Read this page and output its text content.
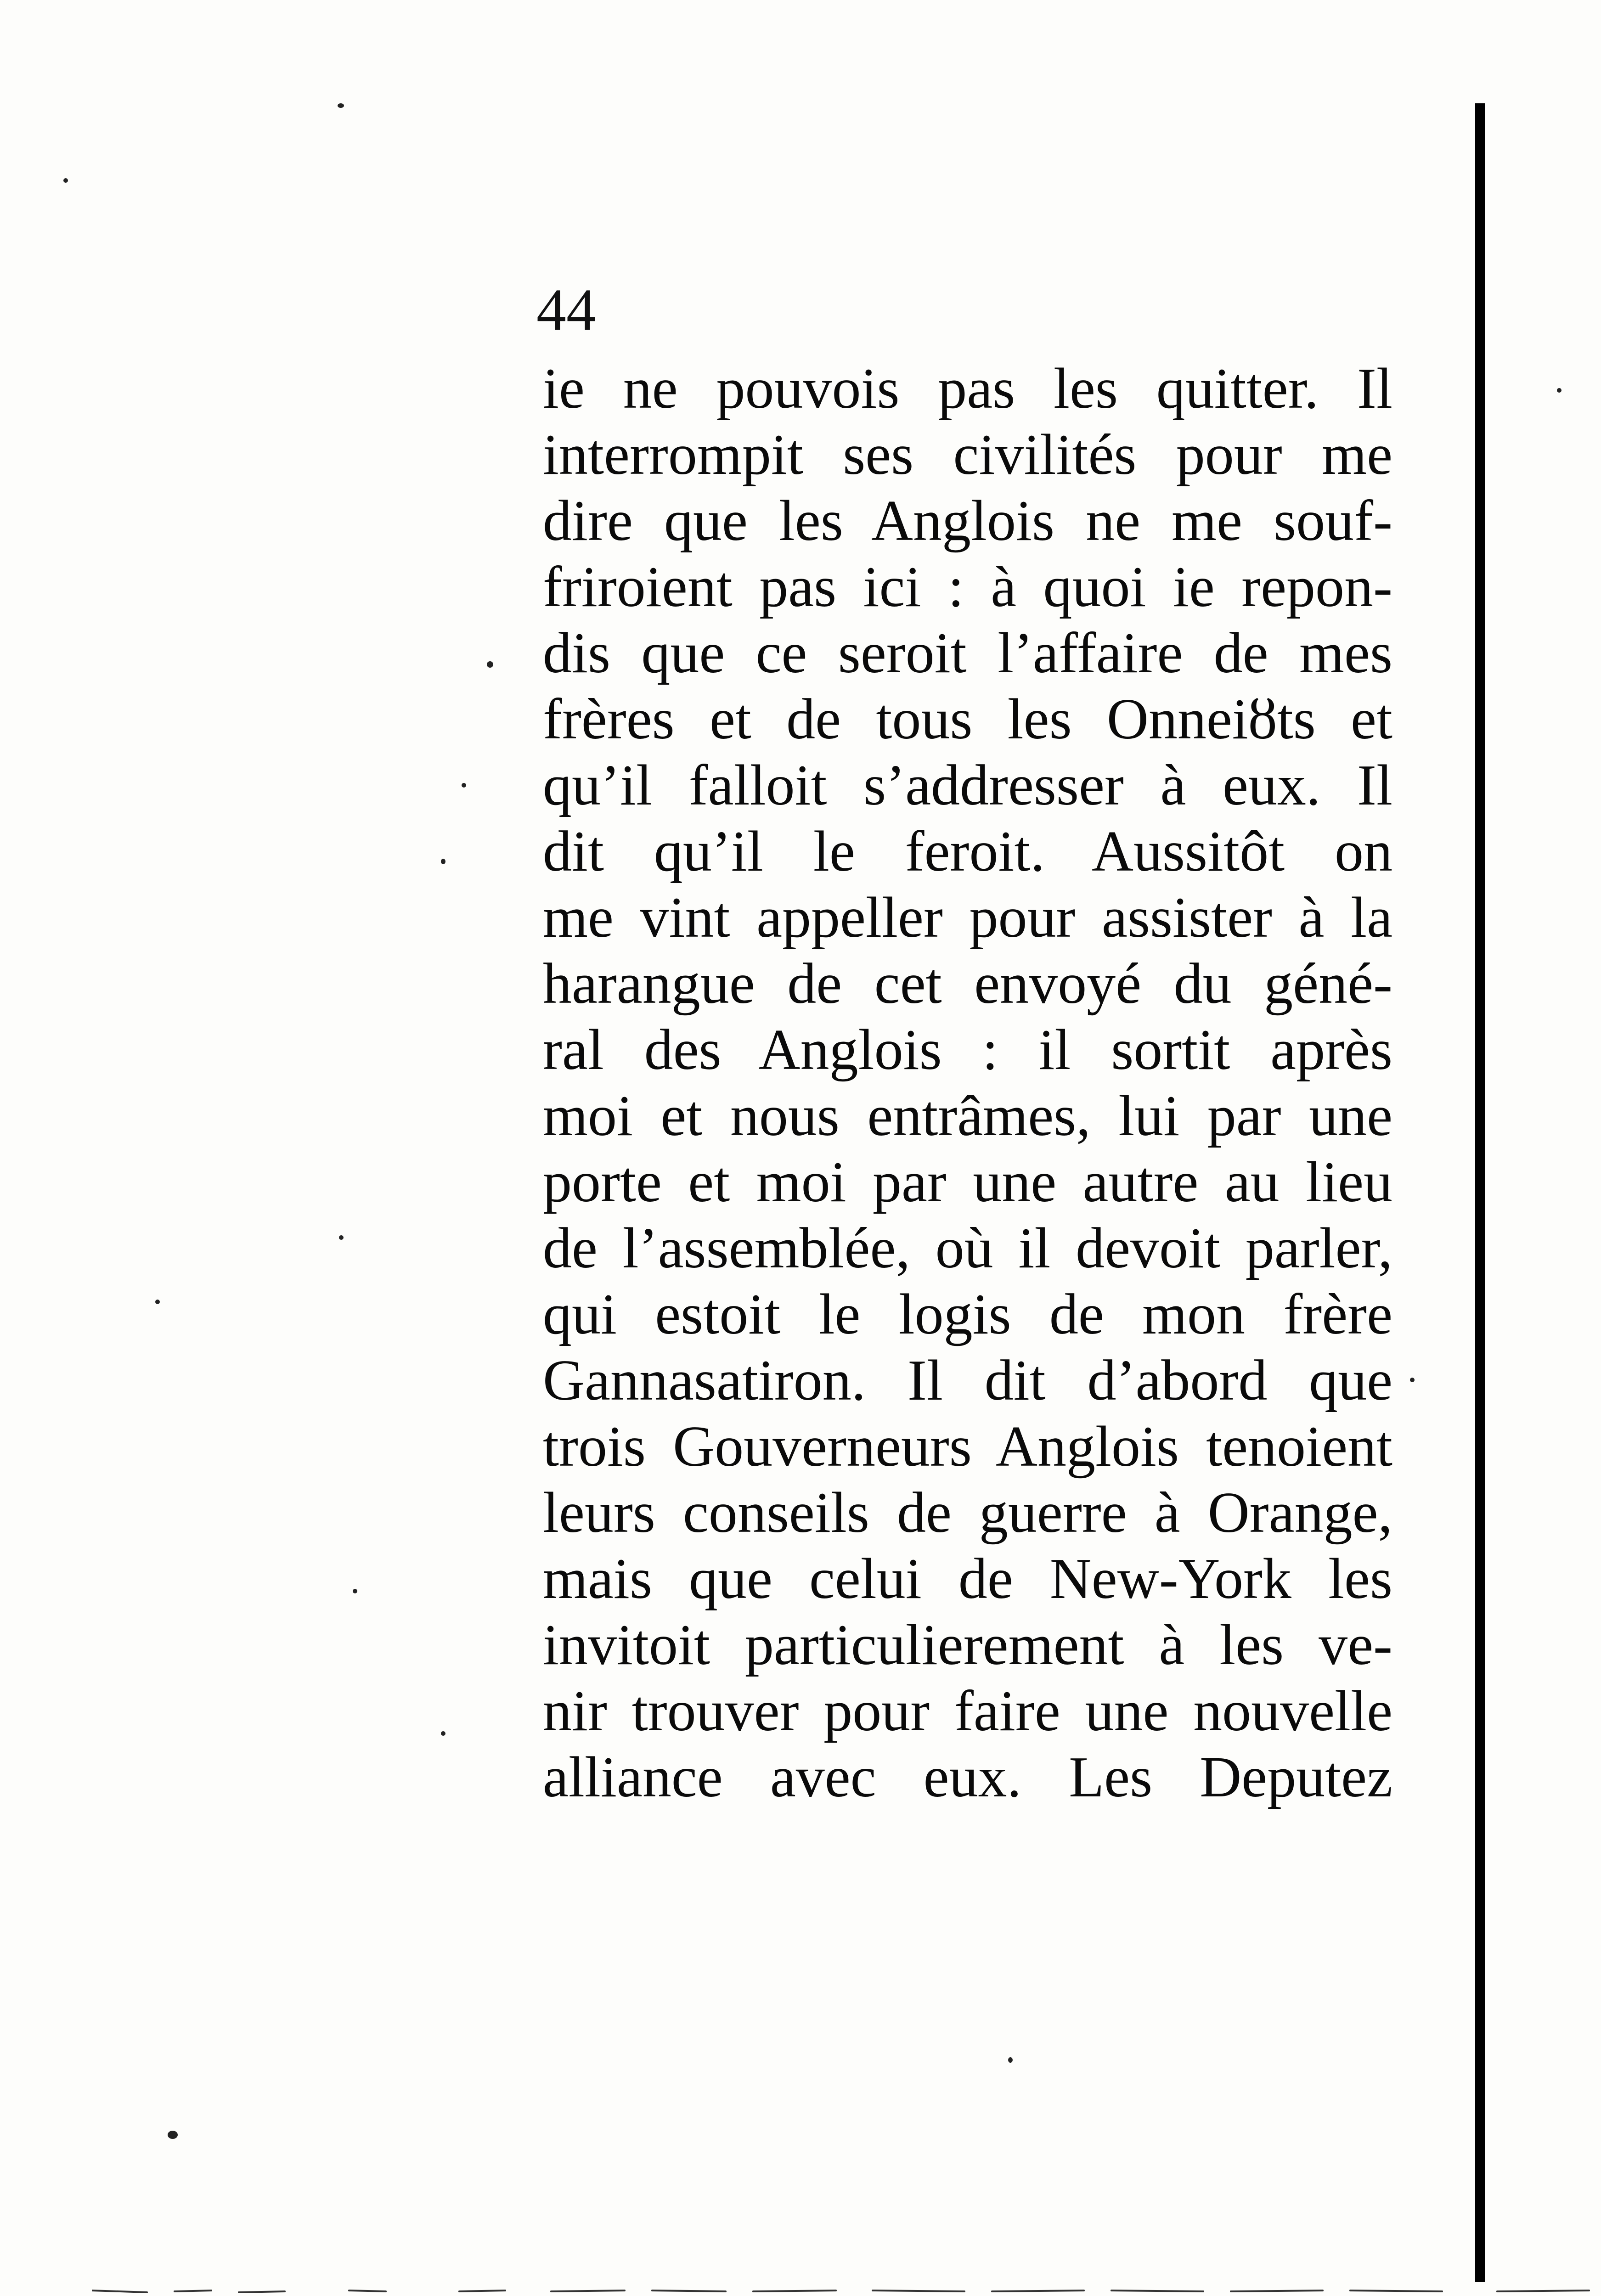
44

ie ne pouvois pas les quitter. Il
interrompit ses civilités pour me
dire que les Anglois ne me souf-
friroient pas ici : à quoi ie repon-
dis que ce seroit l’affaire de mes
frères et de tous les Onneiȣts et
qu’il falloit s’addresser à eux. Il
dit qu’il le feroit. Aussitôt on
me vint appeller pour assister à la
harangue de cet envoyé du géné-
ral des Anglois : il sortit après
moi et nous entrâmes, lui par une
porte et moi par une autre au lieu
de l’assemblée, où il devoit parler,
qui estoit le logis de mon frère
Gannasatiron. Il dit d’abord que
trois Gouverneurs Anglois tenoient
leurs conseils de guerre à Orange,
mais que celui de New-York les
invitoit particulierement à les ve-
nir trouver pour faire une nouvelle
alliance avec eux. Les Deputez
